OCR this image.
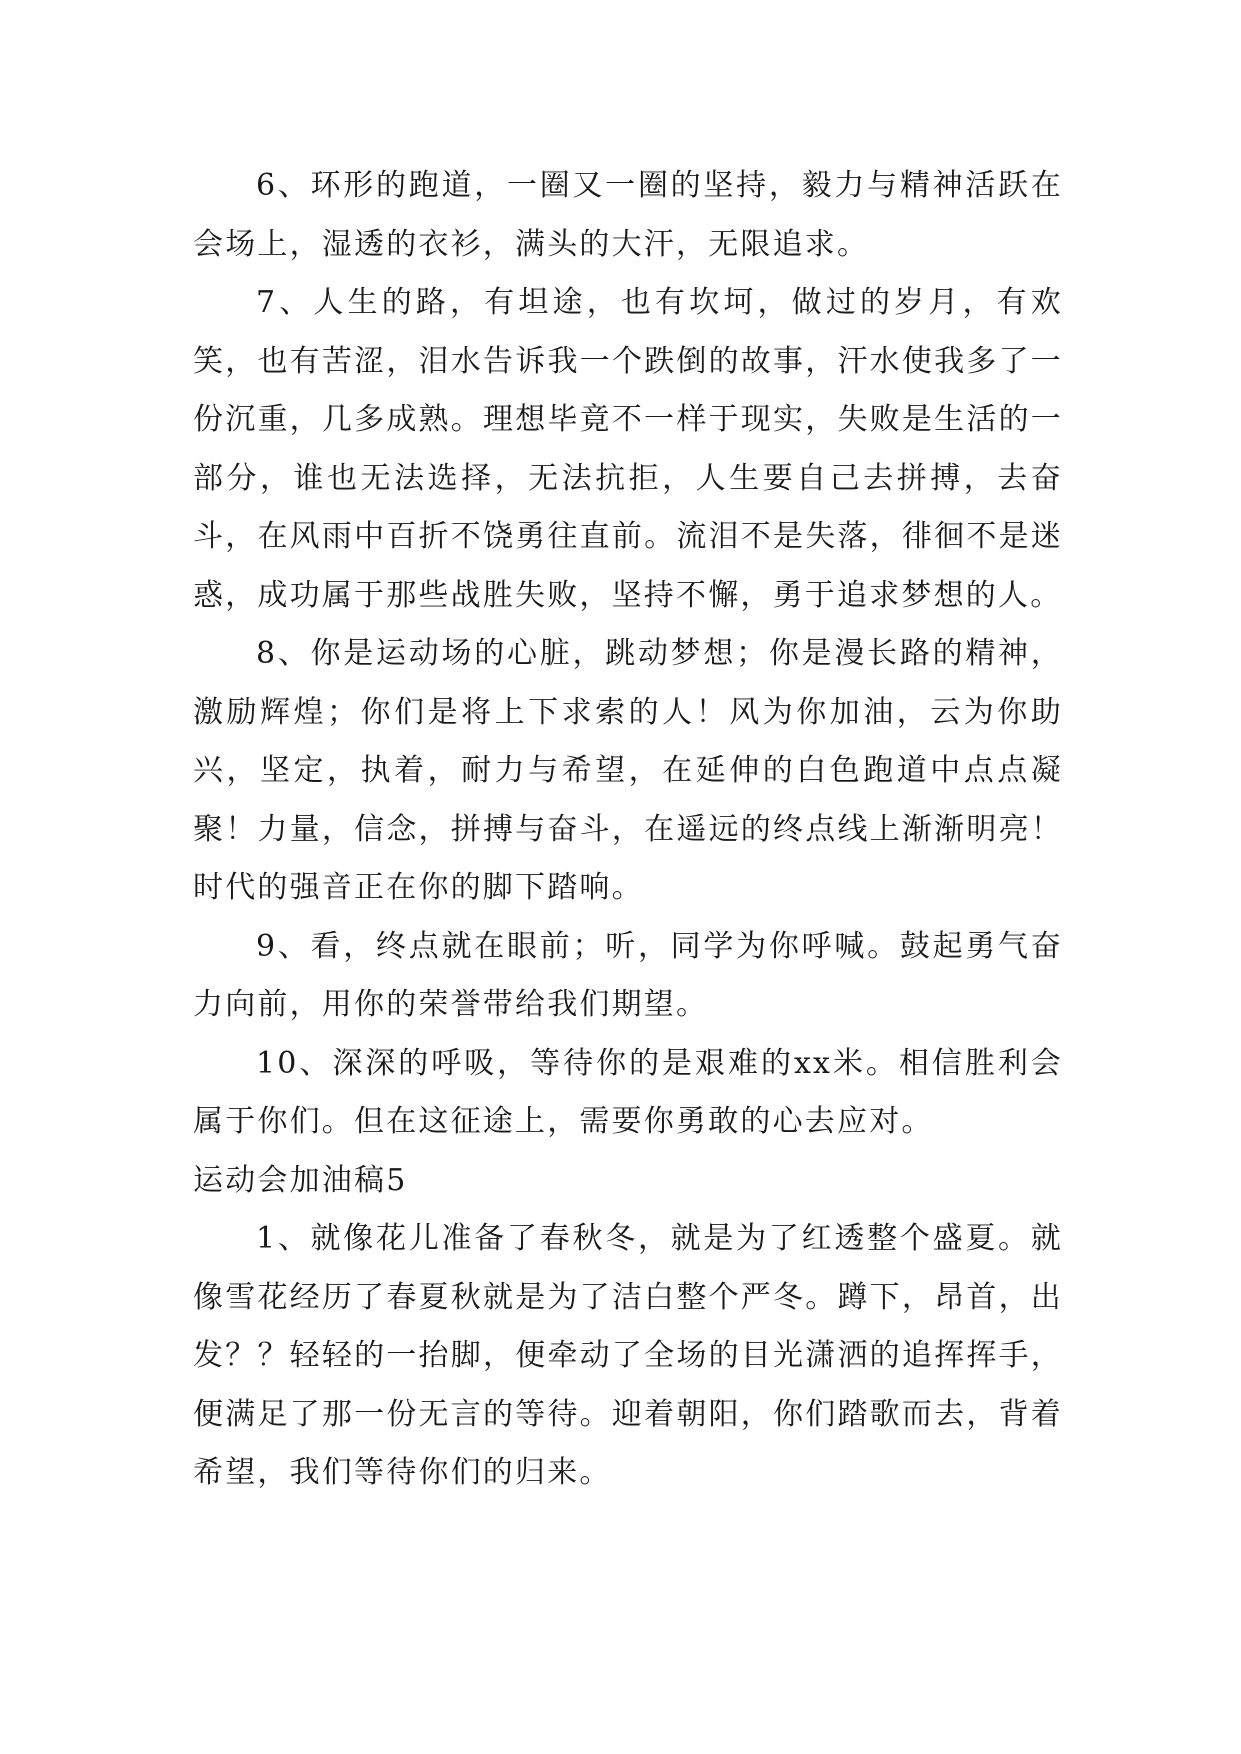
6、环形的跑道，一圈又一圈的坚持，毅力与精神活跃在会场上，湿透的衣衫，满头的大汗，无限追求。

7、人生的路，有坦途，也有坎坷，做过的岁月，有欢笑，也有苦涩，泪水告诉我一个跌倒的故事，汗水使我多了一份沉重，几多成熟。理想毕竟不一样于现实，失败是生活的一部分，谁也无法选择，无法抗拒，人生要自己去拼搏，去奋斗，在风雨中百折不饶勇往直前。流泪不是失落，徘徊不是迷惑，成功属于那些战胜失败，坚持不懈，勇于追求梦想的人。

8、你是运动场的心脏，跳动梦想；你是漫长路的精神，激励辉煌；你们是将上下求索的人！风为你加油，云为你助兴，坚定，执着，耐力与希望，在延伸的白色跑道中点点凝聚！力量，信念，拼搏与奋斗，在遥远的终点线上渐渐明亮！时代的强音正在你的脚下踏响。

9、看，终点就在眼前；听，同学为你呼喊。鼓起勇气奋力向前，用你的荣誉带给我们期望。

10、深深的呼吸，等待你的是艰难的xx米。相信胜利会属于你们。但在这征途上，需要你勇敢的心去应对。

运动会加油稿5

1、就像花儿准备了春秋冬，就是为了红透整个盛夏。就像雪花经历了春夏秋就是为了洁白整个严冬。蹲下，昂首，出发？？轻轻的一抬脚，便牵动了全场的目光潇洒的追挥挥手，便满足了那一份无言的等待。迎着朝阳，你们踏歌而去，背着希望，我们等待你们的归来。
